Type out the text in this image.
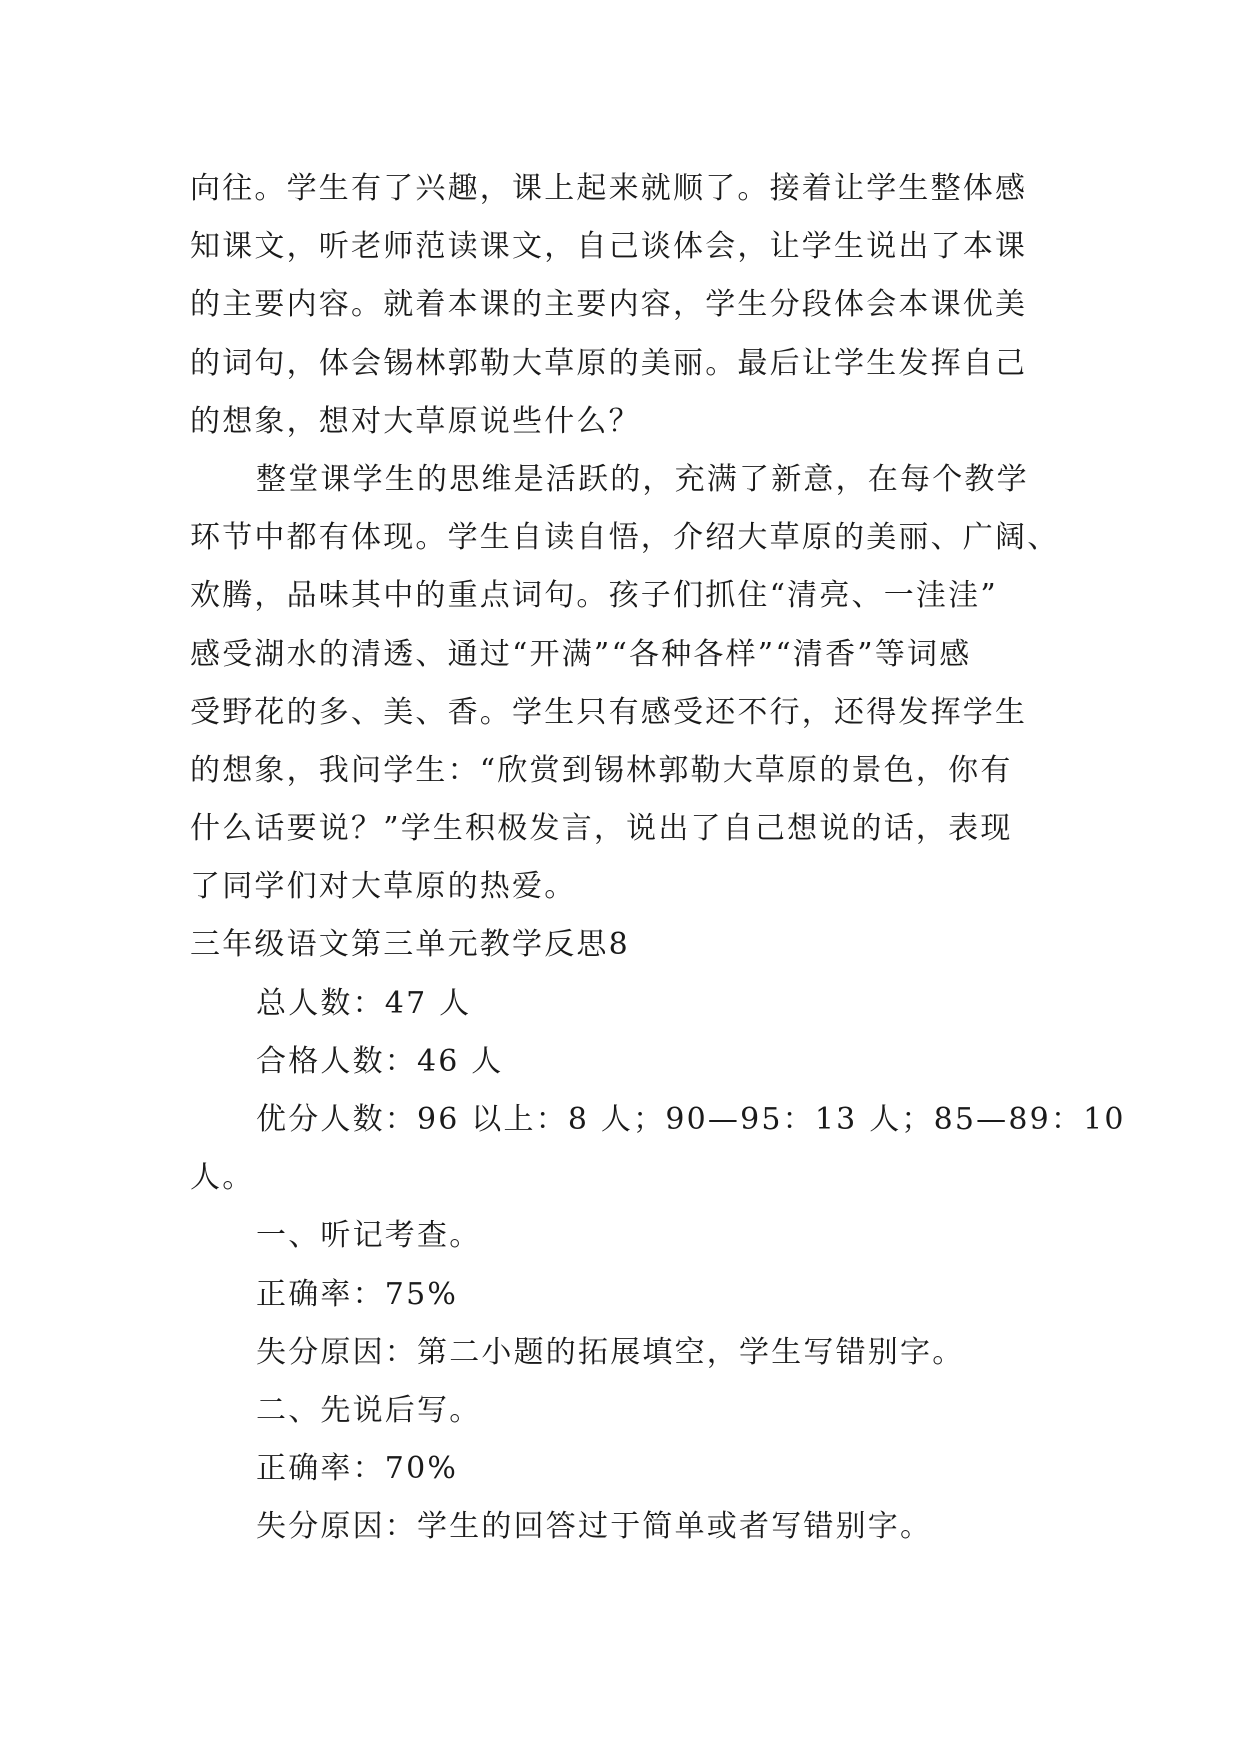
向往。学生有了兴趣，课上起来就顺了。接着让学生整体感
知课文，听老师范读课文，自己谈体会，让学生说出了本课
的主要内容。就着本课的主要内容，学生分段体会本课优美
的词句，体会锡林郭勒大草原的美丽。最后让学生发挥自己
的想象，想对大草原说些什么？
整堂课学生的思维是活跃的，充满了新意，在每个教学
环节中都有体现。学生自读自悟，介绍大草原的美丽、广阔、
欢腾，品味其中的重点词句。孩子们抓住“清亮、一洼洼”
感受湖水的清透、通过“开满”“各种各样”“清香”等词感
受野花的多、美、香。学生只有感受还不行，还得发挥学生
的想象，我问学生：“欣赏到锡林郭勒大草原的景色，你有
什么话要说？”学生积极发言，说出了自己想说的话，表现
了同学们对大草原的热爱。
三年级语文第三单元教学反思8
总人数：47 人
合格人数：46 人
优分人数：96 以上：8 人；90—95：13 人；85—89：10
人。
一、听记考查。
正确率：75%
失分原因：第二小题的拓展填空，学生写错别字。
二、先说后写。
正确率：70%
失分原因：学生的回答过于简单或者写错别字。
